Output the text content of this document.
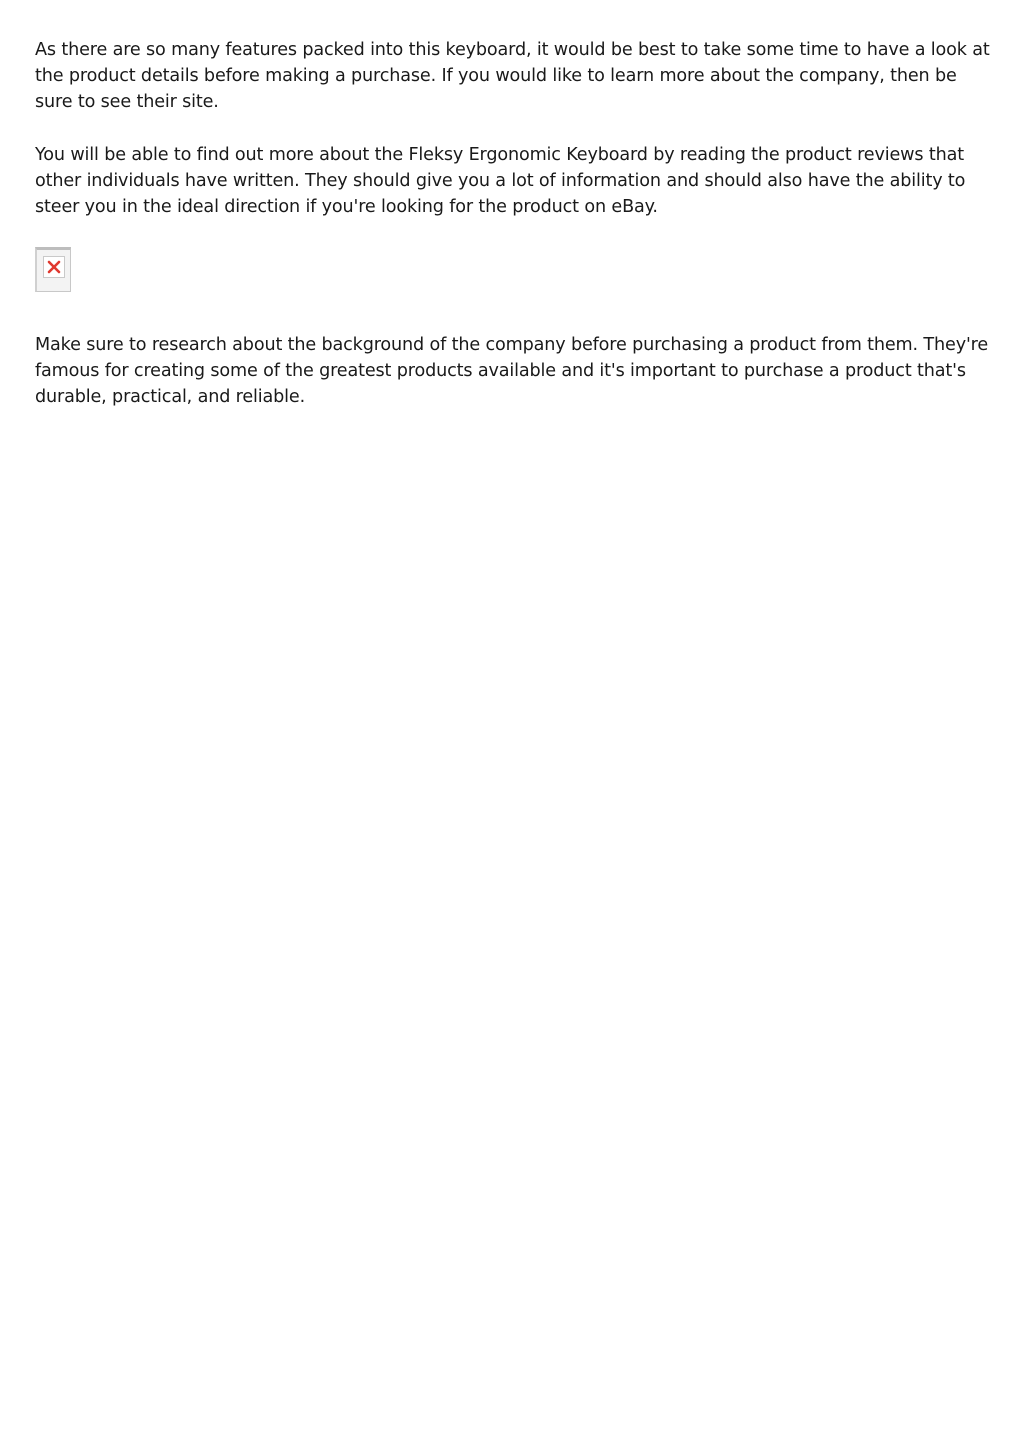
As there are so many features packed into this keyboard, it would be best to take some time to have a look at the product details before making a purchase. If you would like to learn more about the company, then be sure to see their site.

You will be able to find out more about the Fleksy Ergonomic Keyboard by reading the product reviews that other individuals have written. They should give you a lot of information and should also have the ability to steer you in the ideal direction if you're looking for the product on eBay.

Make sure to research about the background of the company before purchasing a product from them. They're famous for creating some of the greatest products available and it's important to purchase a product that's durable, practical, and reliable.
